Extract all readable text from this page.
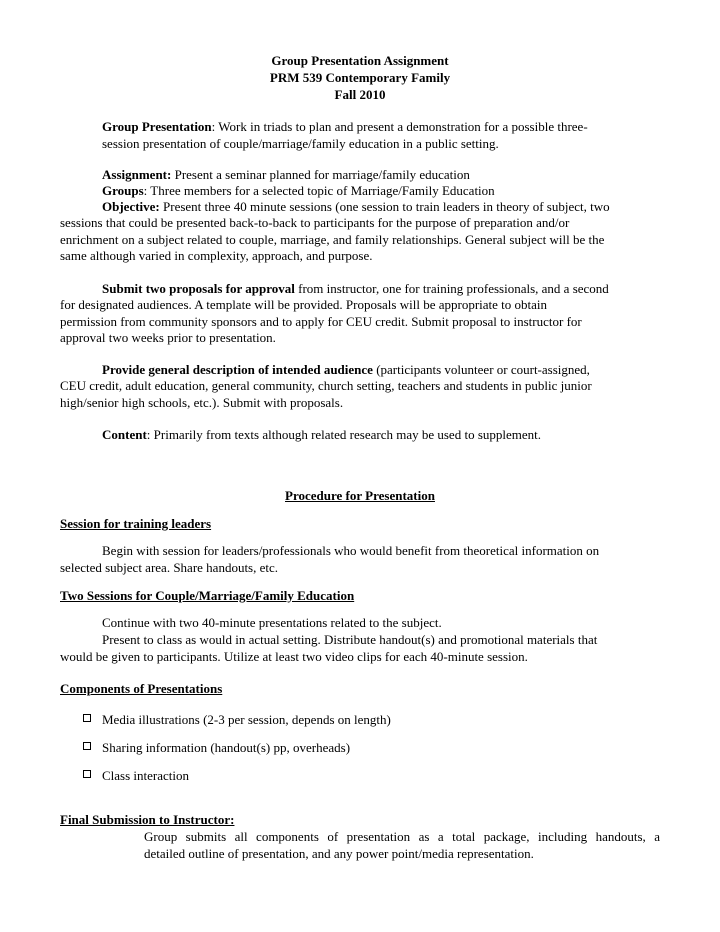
Group Presentation Assignment
PRM 539 Contemporary Family
Fall 2010
Group Presentation: Work in triads to plan and present a demonstration for a possible three-
session presentation of couple/marriage/family education in a public setting.
Assignment: Present a seminar planned for marriage/family education
Groups: Three members for a selected topic of Marriage/Family Education
Objective: Present three 40 minute sessions (one session to train leaders in theory of subject, two
sessions that could be presented back-to-back to participants for the purpose of preparation and/or
enrichment on a subject related to couple, marriage, and family relationships. General subject will be the
same although varied in complexity, approach, and purpose.
Submit two proposals for approval from instructor, one for training professionals, and a second
for designated audiences. A template will be provided. Proposals will be appropriate to obtain
permission from community sponsors and to apply for CEU credit. Submit proposal to instructor for
approval two weeks prior to presentation.
Provide general description of intended audience (participants volunteer or court-assigned,
CEU credit, adult education, general community, church setting, teachers and students in public junior
high/senior high schools, etc.). Submit with proposals.
Content: Primarily from texts although related research may be used to supplement.
Procedure for Presentation
Session for training leaders
Begin with session for leaders/professionals who would benefit from theoretical information on
selected subject area. Share handouts, etc.
Two Sessions for Couple/Marriage/Family Education
Continue with two 40-minute presentations related to the subject.
Present to class as would in actual setting. Distribute handout(s) and promotional materials that
would be given to participants. Utilize at least two video clips for each 40-minute session.
Components of Presentations
Media illustrations (2-3 per session, depends on length)
Sharing information (handout(s) pp, overheads)
Class interaction
Final Submission to Instructor:
Group submits all components of presentation as a total package, including handouts, a
detailed outline of presentation, and any power point/media representation.
